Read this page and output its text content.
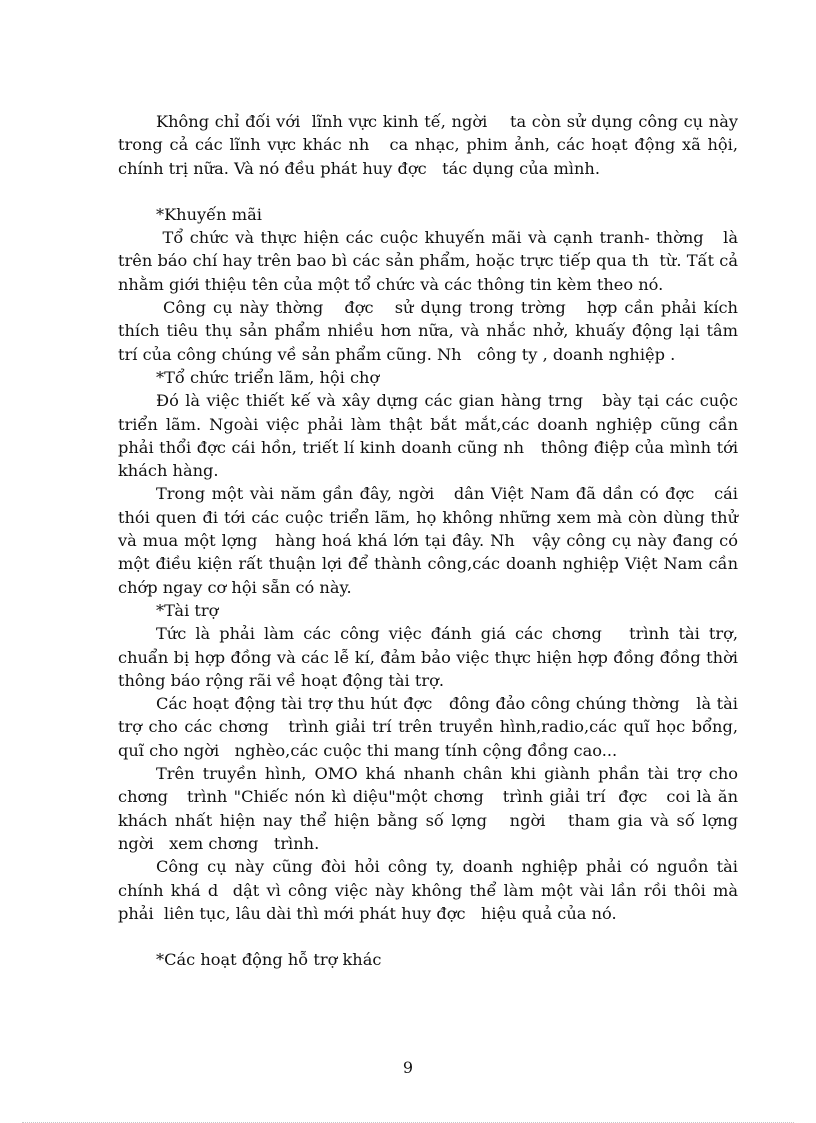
Không chỉ đối với  lĩnh vực kinh tế, ngời    ta còn sử dụng công cụ này trong cả các lĩnh vực khác nh   ca nhạc, phim ảnh, các hoạt động xã hội, chính trị nữa. Và nó đều phát huy đợc   tác dụng của mình.

*Khuyến mãi

Tổ chức và thực hiện các cuộc khuyến mãi và cạnh tranh- thờng   là trên báo chí hay trên bao bì các sản phẩm, hoặc trực tiếp qua th  từ. Tất cả nhằm giới thiệu tên của một tổ chức và các thông tin kèm theo nó.

Công cụ này thờng   đợc   sử dụng trong trờng   hợp cần phải kích thích tiêu thụ sản phẩm nhiều hơn nữa, và nhắc nhở, khuấy động lại tâm trí của công chúng về sản phẩm cũng. Nh   công ty , doanh nghiệp .

*Tổ chức triển lãm, hội chợ

Đó là việc thiết kế và xây dựng các gian hàng trng   bày tại các cuộc triển lãm. Ngoài việc phải làm thật bắt mắt,các doanh nghiệp cũng cần phải thổi đợc cái hồn, triết lí kinh doanh cũng nh   thông điệp của mình tới khách hàng.

Trong một vài năm gần đây, ngời   dân Việt Nam đã dần có đợc   cái thói quen đi tới các cuộc triển lãm, họ không những xem mà còn dùng thử và mua một lợng   hàng hoá khá lớn tại đây. Nh   vậy công cụ này đang có một điều kiện rất thuận lợi để thành công,các doanh nghiệp Việt Nam cần chớp ngay cơ hội sẵn có này.

*Tài trợ

Tức là phải làm các công việc đánh giá các chơng   trình tài trợ,  chuẩn bị hợp đồng và các lễ kí, đảm bảo việc thực hiện hợp đồng đồng thời thông báo rộng rãi về hoạt động tài trợ.

Các hoạt động tài trợ thu hút đợc   đông đảo công chúng thờng   là tài trợ cho các chơng   trình giải trí trên truyền hình,radio,các quĩ học bổng, quĩ cho ngời   nghèo,các cuộc thi mang tính cộng đồng cao...

Trên truyền hình, OMO khá nhanh chân khi giành phần tài trợ cho chơng   trình "Chiếc nón kì diệu"một chơng   trình giải trí  đợc   coi là ăn khách nhất hiện nay thể hiện bằng số lợng   ngời   tham gia và số lợng   ngời   xem chơng   trình.

Công cụ này cũng đòi hỏi công ty, doanh nghiệp phải có nguồn tài chính khá d  dật vì công việc này không thể làm một vài lần rồi thôi mà phải  liên tục, lâu dài thì mới phát huy đợc   hiệu quả của nó.

*Các hoạt động hỗ trợ khác

9
